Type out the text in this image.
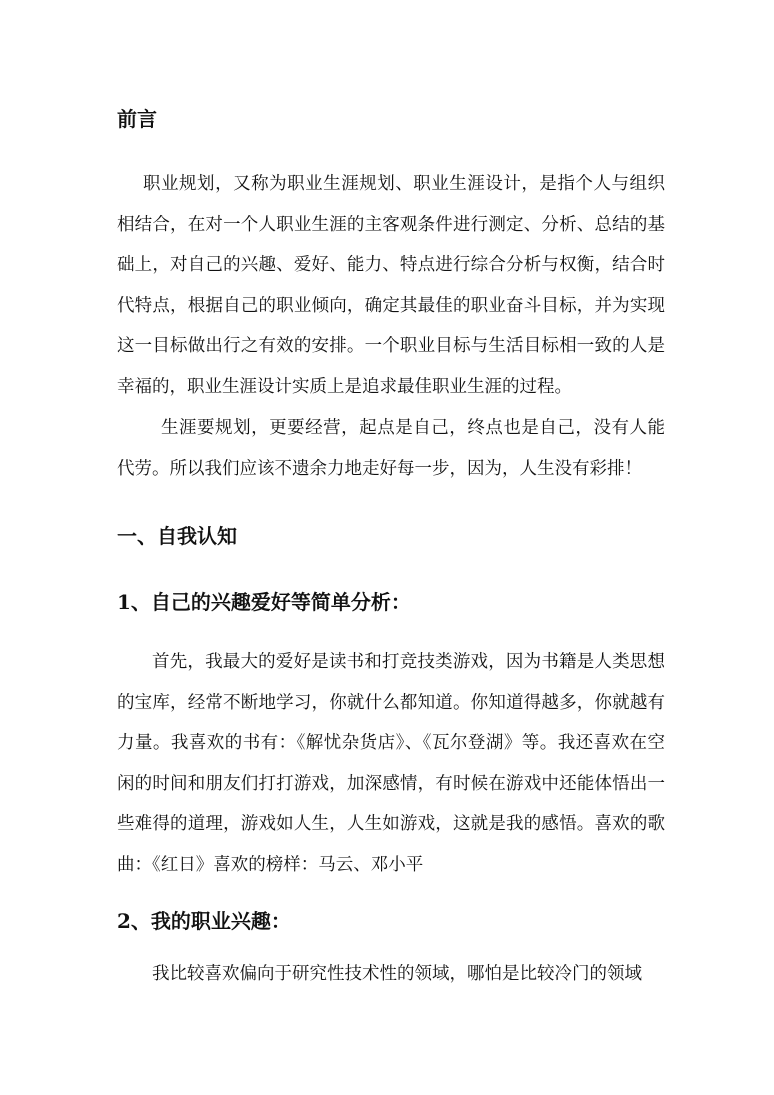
前言

职业规划，又称为职业生涯规划、职业生涯设计，是指个人与组织相结合，在对一个人职业生涯的主客观条件进行测定、分析、总结的基础上，对自己的兴趣、爱好、能力、特点进行综合分析与权衡，结合时代特点，根据自己的职业倾向，确定其最佳的职业奋斗目标，并为实现这一目标做出行之有效的安排。一个职业目标与生活目标相一致的人是幸福的，职业生涯设计实质上是追求最佳职业生涯的过程。

生涯要规划，更要经营，起点是自己，终点也是自己，没有人能代劳。所以我们应该不遗余力地走好每一步，因为，人生没有彩排！

一、自我认知
1、自己的兴趣爱好等简单分析：

首先，我最大的爱好是读书和打竞技类游戏，因为书籍是人类思想的宝库，经常不断地学习，你就什么都知道。你知道得越多，你就越有力量。我喜欢的书有：《解忧杂货店》、《瓦尔登湖》等。我还喜欢在空闲的时间和朋友们打打游戏，加深感情，有时候在游戏中还能体悟出一些难得的道理，游戏如人生，人生如游戏，这就是我的感悟。喜欢的歌曲：《红日》喜欢的榜样：马云、邓小平

2、我的职业兴趣：

我比较喜欢偏向于研究性技术性的领域，哪怕是比较冷门的领域
